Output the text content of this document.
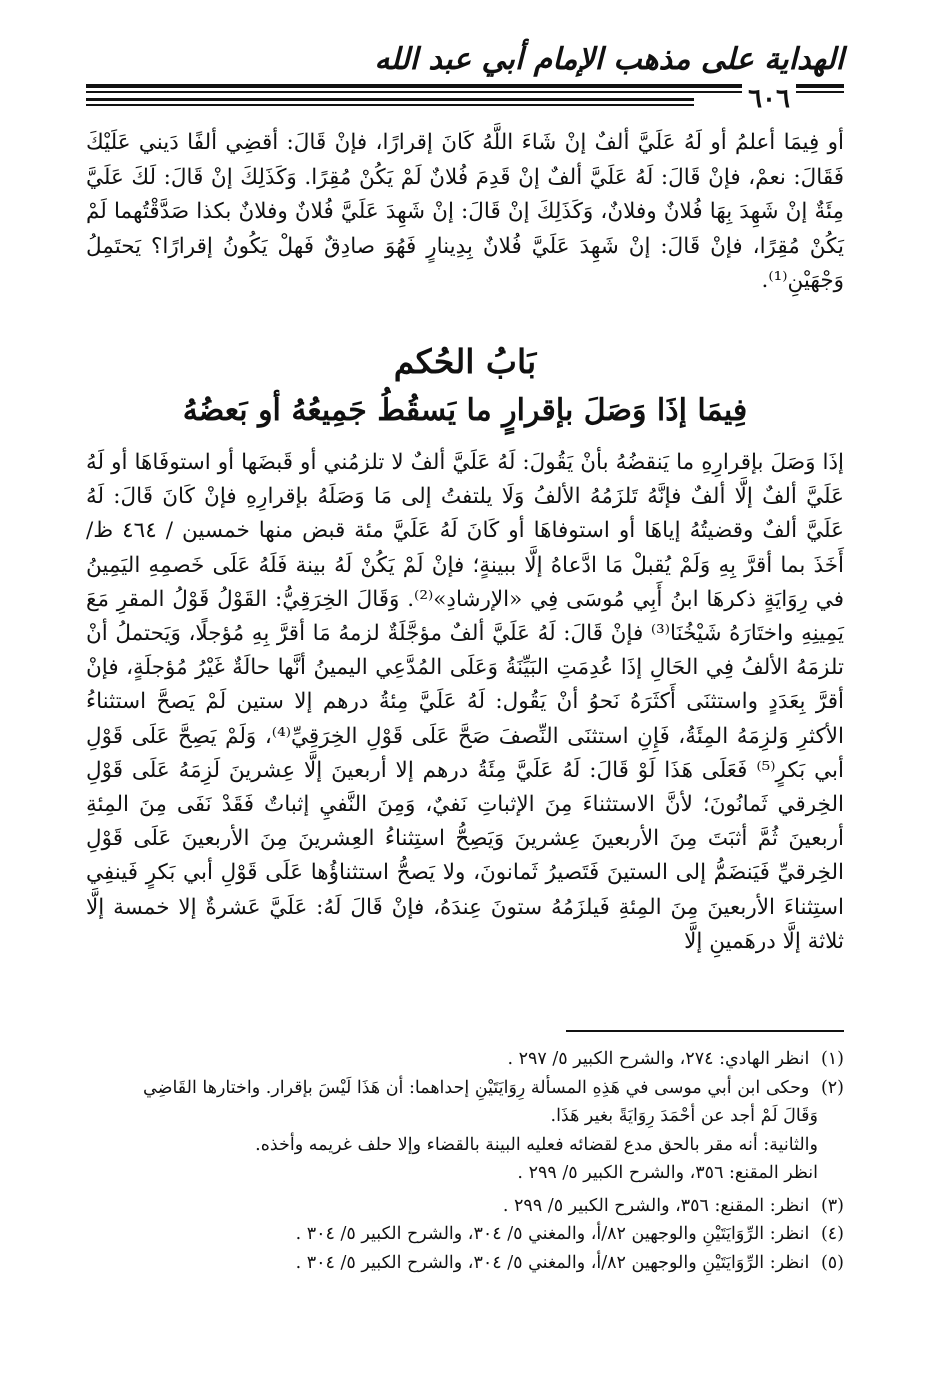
الهداية على مذهب الإمام أبي عبد الله
٦٠٦

أو فِيمَا أعلمُ أو لَهُ عَلَيَّ ألفٌ إنْ شَاءَ اللَّهُ كَانَ إقرارًا، فإنْ قَالَ: أقضِي ألفًا دَيني عَلَيْكَ فَقَالَ: نعمْ، فإنْ قَالَ: لَهُ عَلَيَّ ألفٌ إنْ قَدِمَ فُلانٌ لَمْ يَكُنْ مُقِرًا. وَكَذَلِكَ إنْ قَالَ: لَكَ عَلَيَّ مِئَةٌ إنْ شَهِدَ بِهَا فُلانٌ وفلانٌ، وَكَذَلِكَ إنْ قَالَ: إنْ شَهِدَ عَلَيَّ فُلانٌ وفلانٌ بكذا صَدَّقْتُهما لَمْ يَكُنْ مُقِرًا، فإنْ قَالَ: إنْ شَهِدَ عَلَيَّ فُلانٌ بِدِينارٍ فَهُوَ صادِقٌ فَهلْ يَكُونُ إقرارًا؟ يَحتَمِلُ وَجْهَيْنِ⁽¹⁾.

بَابُ الحُكم
فِيمَا إذَا وَصَلَ بإقرارٍ ما يَسقُطُ جَمِيعُهُ أو بَعضُهُ

إذَا وَصَلَ بإقرارِهِ ما يَنقضُهُ بأنْ يَقُولَ: لَهُ عَلَيَّ ألفٌ لا تلزمُني أو قَبضَها أو استوفَاهَا أو لَهُ عَلَيَّ ألفٌ إلَّا ألفٌ فإنَّهُ تَلزَمُهُ الألفُ وَلَا يلتفتُ إلى مَا وَصَلَهُ بإقرارِهِ فإنْ كَانَ قَالَ: لَهُ عَلَيَّ ألفٌ وقضيتُهُ إياهَا أو استوفاهَا أو كَانَ لَهُ عَلَيَّ مئة قبض منها خمسين / ٤٦٤ ظ/ أَخَذَ بما أقرَّ بِهِ وَلَمْ يُقبلْ مَا ادَّعاهُ إلَّا ببينةٍ؛ فإنْ لَمْ يَكُنْ لَهُ بينة فَلَهُ عَلَى خَصمِهِ اليَمِينُ في رِوَايَةٍ ذكرهَا ابنُ أَبِي مُوسَى فِي «الإرشادِ»⁽²⁾. وَقَالَ الخِرَقِيُّ: القَوْلُ قَوْلُ المقرِ مَعَ يَمِينِهِ واختَارَهُ شَيْخُنَا⁽³⁾ فإنْ قَالَ: لَهُ عَلَيَّ ألفٌ مؤجَّلَةٌ لزمهُ مَا أقرَّ بِهِ مُؤجلًا، وَيَحتملُ أنْ تلزمَهُ الألفُ فِي الحَالِ إذَا عُدِمَتِ البَيِّنَةُ وَعَلَى المُدَّعِي اليمينُ أنَّها حالَةٌ غَيْرُ مُؤجلَةٍ، فإنْ أقرَّ بِعَدَدٍ واستثنَى أَكثَرَهُ نَحوُ أنْ يَقُول: لَهُ عَلَيَّ مِئةُ درهم إلا ستين لَمْ يَصحَّ استثناءُ الأكثرِ وَلزِمَهُ المِئَةُ، فَإِنِ استثنَى النِّصفَ صَحَّ عَلَى قَوْلِ الخِرَقِيِّ⁽⁴⁾، وَلَمْ يَصِحَّ عَلَى قَوْلِ أبي بَكرٍ⁽⁵⁾ فَعَلَى هَذَا لَوْ قَالَ: لَهُ عَلَيَّ مِئَةُ درهم إلا أربعينَ إلَّا عِشرينَ لَزِمَهُ عَلَى قَوْلِ الخِرقي ثَمانُونَ؛ لأنَّ الاستثناءَ مِنَ الإثباتِ نَفيٌ، وَمِنَ النَّفيِ إثباتٌ فَقَدْ نَفَى مِنَ المِئةِ أربعينَ ثُمَّ أثبَتَ مِنَ الأربعينَ عِشرينَ وَيَصِحُّ استِثناءُ العِشرينَ مِنَ الأربعينَ عَلَى قَوْلِ الخِرقيِّ فَيَنضَمُّ إلى الستينَ فَتَصيرُ ثَمانونَ، ولا يَصحُّ استثناؤُها عَلَى قَوْلِ أبي بَكرٍ فَينفِي استِثناءَ الأربعينَ مِنَ المِئةِ فَيلزَمُهُ ستونَ عِندَهُ، فإنْ قَالَ لَهُ: عَلَيَّ عَشرةٌ إلا خمسة إلَّا ثلاثة إلَّا درهَمينِ إلَّا

(١) انظر الهادي: ٢٧٤، والشرح الكبير ٥/ ٢٩٧ .
(٢) وحكى ابن أبي موسى في هَذِهِ المسألة رِوَايَتَيْنِ إحداهما: أن هَذَا لَيْسَ بإقرار. واختارها القَاضِي
وَقَالَ لَمْ أجد عن أَحْمَدَ رِوَايَةً بغير هَذَا.
والثانية: أنه مقر بالحق مدع لقضائه فعليه البينة بالقضاء وإلا حلف غريمه وأخذه.
انظر المقنع: ٣٥٦، والشرح الكبير ٥/ ٢٩٩ .
(٣) انظر: المقنع: ٣٥٦، والشرح الكبير ٥/ ٢٩٩ .
(٤) انظر: الرِّوَايَتَيْنِ والوجهين ٨٢/أ، والمغني ٥/ ٣٠٤، والشرح الكبير ٥/ ٣٠٤ .
(٥) انظر: الرِّوَايَتَيْنِ والوجهين ٨٢/أ، والمغني ٥/ ٣٠٤، والشرح الكبير ٥/ ٣٠٤ .
